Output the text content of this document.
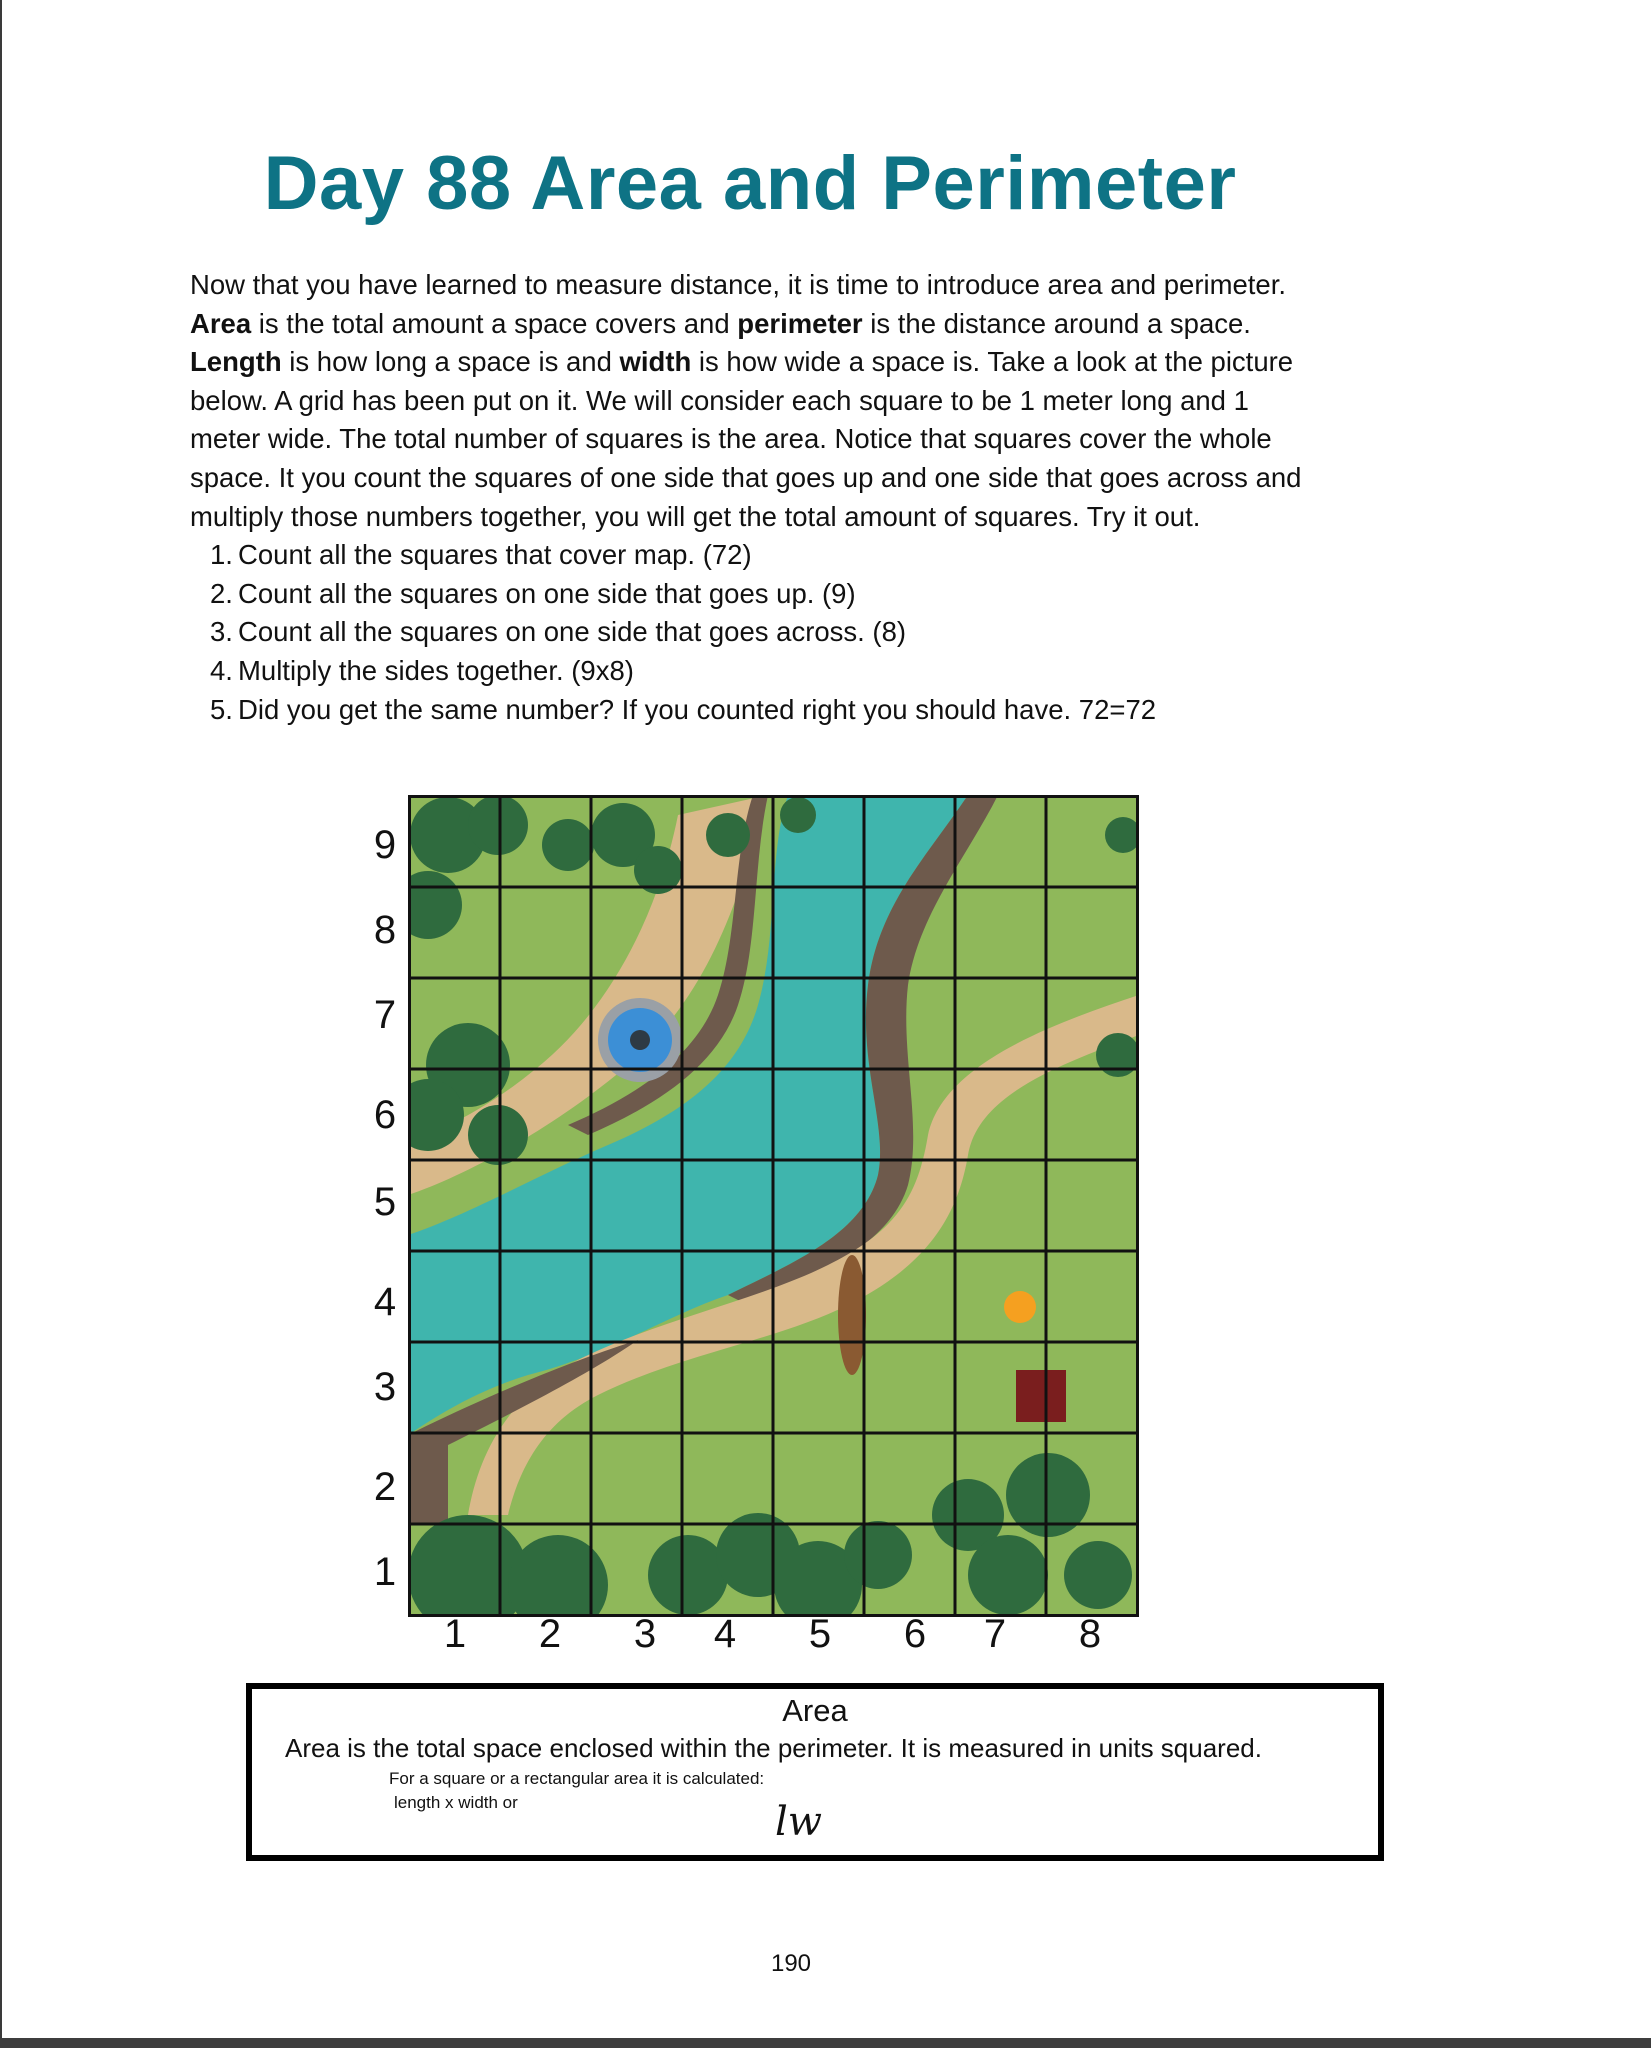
Day 88 Area and Perimeter

Now that you have learned to measure distance, it is time to introduce area and perimeter.

Area is the total amount a space covers and perimeter is the distance around a space.

Length is how long a space is and width is how wide a space is. Take a look at the picture

below. A grid has been put on it. We will consider each square to be 1 meter long and 1

meter wide. The total number of squares is the area. Notice that squares cover the whole

space. It you count the squares of one side that goes up and one side that goes across and

multiply those numbers together, you will get the total amount of squares. Try it out.

1. Count all the squares that cover map. (72)
2. Count all the squares on one side that goes up. (9)
3. Count all the squares on one side that goes across. (8)
4. Multiply the sides together. (9x8)
5. Did you get the same number? If you counted right you should have. 72=72
9
8
7
6
5
4
3
2
1
1 2 3 4 5 6 7 8
Area
Area is the total space enclosed within the perimeter. It is measured in units squared.
For a square or a rectangular area it is calculated:
length x width or	lw
190
